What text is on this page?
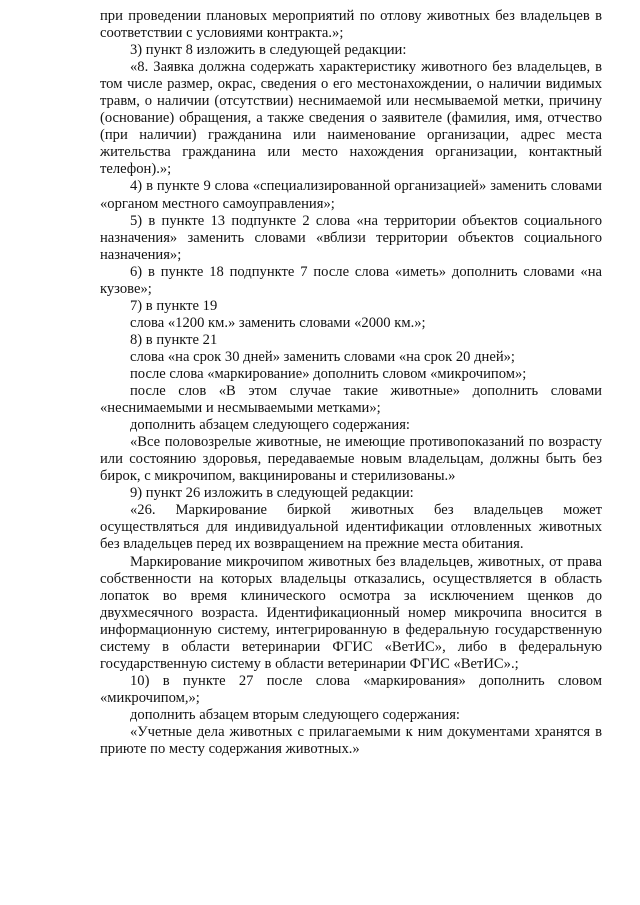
при проведении плановых мероприятий по отлову животных без владельцев в соответствии с условиями контракта.»;

3) пункт 8 изложить в следующей редакции:

«8. Заявка должна содержать характеристику животного без владельцев, в том числе размер, окрас, сведения о его местонахождении, о наличии видимых травм, о наличии (отсутствии) неснимаемой или несмываемой метки, причину (основание) обращения, а также сведения о заявителе (фамилия, имя, отчество (при наличии) гражданина или наименование организации, адрес места жительства гражданина или место нахождения организации, контактный телефон).»;

4) в пункте 9 слова «специализированной организацией» заменить словами «органом местного самоуправления»;

5) в пункте 13 подпункте 2 слова «на территории объектов социального назначения» заменить словами «вблизи территории объектов социального назначения»;

6) в пункте 18 подпункте 7 после слова «иметь» дополнить словами «на кузове»;

7) в пункте 19

слова «1200 км.» заменить словами «2000 км.»;

8) в пункте 21

слова «на срок 30 дней» заменить словами «на срок 20 дней»;

после слова «маркирование» дополнить словом «микрочипом»;

после слов «В этом случае такие животные» дополнить словами «неснимаемыми и несмываемыми метками»;

дополнить абзацем следующего содержания:

«Все половозрелые животные, не имеющие противопоказаний по возрасту или состоянию здоровья, передаваемые новым владельцам, должны быть без бирок, с микрочипом, вакцинированы и стерилизованы.»

9) пункт 26 изложить в следующей редакции:

«26. Маркирование биркой животных без владельцев может осуществляться для индивидуальной идентификации отловленных животных без владельцев перед их возвращением на прежние места обитания.

Маркирование микрочипом животных без владельцев, животных, от права собственности на которых владельцы отказались, осуществляется в область лопаток во время клинического осмотра за исключением щенков до двухмесячного возраста. Идентификационный номер микрочипа вносится в информационную систему, интегрированную в федеральную государственную систему в области ветеринарии ФГИС «ВетИС», либо в федеральную государственную систему в области ветеринарии ФГИС «ВетИС».;

10) в пункте 27 после слова «маркирования» дополнить словом «микрочипом,»;

дополнить абзацем вторым следующего содержания:

«Учетные дела животных с прилагаемыми к ним документами хранятся в приюте по месту содержания животных.»
